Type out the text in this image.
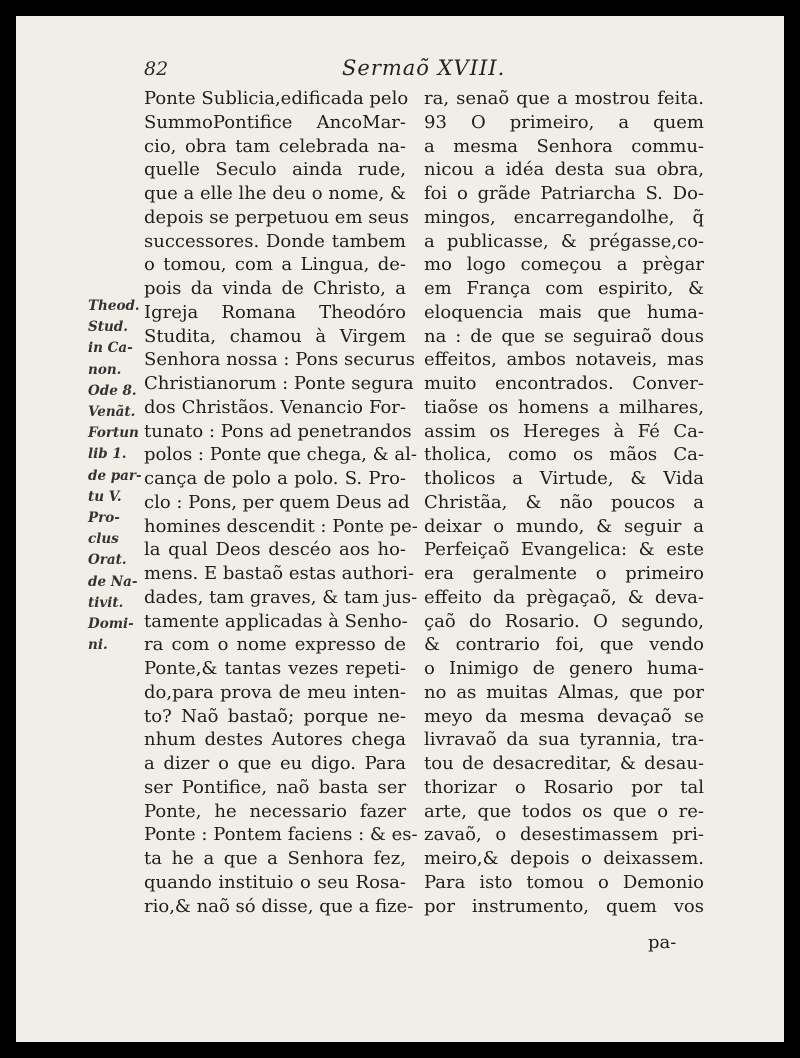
82	Sermaõ XVIII.
Ponte Sublicia,edificada pelo
SummoPontifice AncoMar-
cio, obra tam celebrada na-
quelle Seculo ainda rude,
que a elle lhe deu o nome, &
depois se perpetuou em seus
successores. Donde tambem
o tomou, com a Lingua, de-
pois da vinda de Christo, a
Igreja Romana Theodóro
Studita, chamou à Virgem
Senhora nossa : Pons securus
Christianorum : Ponte segura
dos Christãos. Venancio For-
tunato : Pons ad penetrandos
polos : Ponte que chega, & al-
cança de polo a polo. S. Pro-
clo : Pons, per quem Deus ad
homines descendit : Ponte pe-
la qual Deos descéo aos ho-
mens. E bastaõ estas authori-
dades, tam graves, & tam jus-
tamente applicadas à Senho-
ra com o nome expresso de
Ponte,& tantas vezes repeti-
do,para prova de meu inten-
to? Naõ bastaõ; porque ne-
nhum destes Autores chega
a dizer o que eu digo. Para
ser Pontifice, naõ basta ser
Ponte, he necessario fazer
Ponte : Pontem faciens : & es-
ta he a que a Senhora fez,
quando instituio o seu Rosa-
rio,& naõ só disse, que a fize-
Theod.
Stud.
in Ca-
non.
Ode 8.
Venãt.
Fortun
lib 1.
de par-
tu V.
Pro-
clus
Orat.
de Na-
tivit.
Domi-
ni.
ra, senaõ que a mostrou feita.
93 O primeiro, a quem
a mesma Senhora commu-
nicou a idéa desta sua obra,
foi o grãde Patriarcha S. Do-
mingos, encarregandolhe, q̃
a publicasse, & prégasse,co-
mo logo começou a prègar
em França com espirito, &
eloquencia mais que huma-
na : de que se seguiraõ dous
effeitos, ambos notaveis, mas
muito encontrados. Conver-
tiaõse os homens a milhares,
assim os Hereges à Fé Ca-
tholica, como os mãos Ca-
tholicos a Virtude, & Vida
Christãa, & não poucos a
deixar o mundo, & seguir a
Perfeiçaõ Evangelica: & este
era geralmente o primeiro
effeito da prègaçaõ, & deva-
çaõ do Rosario. O segundo,
& contrario foi, que vendo
o Inimigo de genero huma-
no as muitas Almas, que por
meyo da mesma devaçaõ se
livravaõ da sua tyrannia, tra-
tou de desacreditar, & desau-
thorizar o Rosario por tal
arte, que todos os que o re-
zavaõ, o desestimassem pri-
meiro,& depois o deixassem.
Para isto tomou o Demonio
por instrumento, quem vos
pa-
